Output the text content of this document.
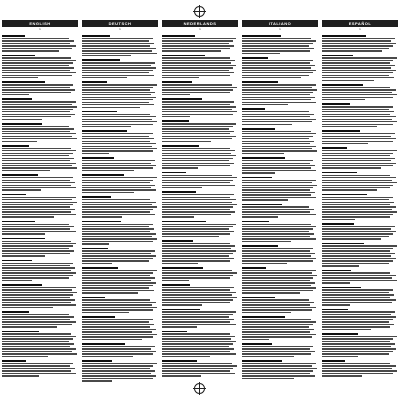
ENGLISH
1
DEUTSCH
1
NEDERLANDS
1
ITALIANO
1
ESPAÑOL
1
